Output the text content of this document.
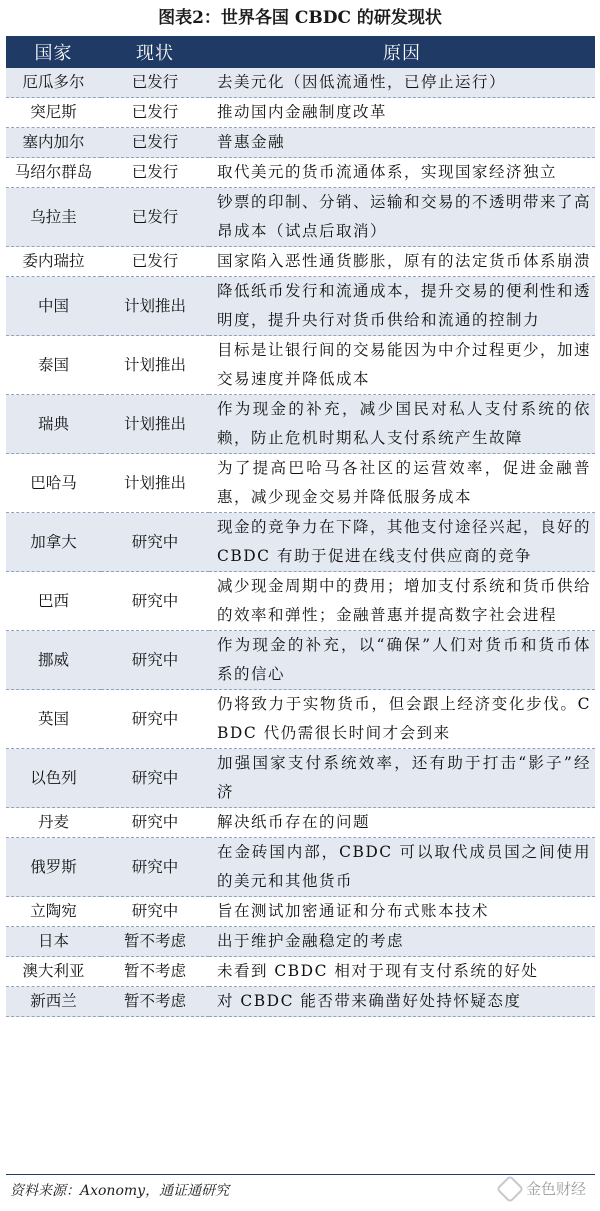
图表2：世界各国 CBDC 的研发现状
国家	现状	原因
厄瓜多尔	已发行	去美元化（因低流通性，已停止运行）
突尼斯	已发行	推动国内金融制度改革
塞内加尔	已发行	普惠金融
马绍尔群岛	已发行	取代美元的货币流通体系，实现国家经济独立
乌拉圭	已发行	钞票的印制、分销、运输和交易的不透明带来了高昂成本（试点后取消）
委内瑞拉	已发行	国家陷入恶性通货膨胀，原有的法定货币体系崩溃
中国	计划推出	降低纸币发行和流通成本，提升交易的便利性和透明度，提升央行对货币供给和流通的控制力
泰国	计划推出	目标是让银行间的交易能因为中介过程更少，加速交易速度并降低成本
瑞典	计划推出	作为现金的补充，减少国民对私人支付系统的依赖，防止危机时期私人支付系统产生故障
巴哈马	计划推出	为了提高巴哈马各社区的运营效率，促进金融普惠，减少现金交易并降低服务成本
加拿大	研究中	现金的竞争力在下降，其他支付途径兴起，良好的 CBDC 有助于促进在线支付供应商的竞争
巴西	研究中	减少现金周期中的费用；增加支付系统和货币供给的效率和弹性；金融普惠并提高数字社会进程
挪威	研究中	作为现金的补充，以“确保”人们对货币和货币体系的信心
英国	研究中	仍将致力于实物货币，但会跟上经济变化步伐。CBDC 代仍需很长时间才会到来
以色列	研究中	加强国家支付系统效率，还有助于打击“影子”经济
丹麦	研究中	解决纸币存在的问题
俄罗斯	研究中	在金砖国内部，CBDC 可以取代成员国之间使用的美元和其他货币
立陶宛	研究中	旨在测试加密通证和分布式账本技术
日本	暂不考虑	出于维护金融稳定的考虑
澳大利亚	暂不考虑	未看到 CBDC 相对于现有支付系统的好处
新西兰	暂不考虑	对 CBDC 能否带来确凿好处持怀疑态度
资料来源：Axonomy，通证通研究	金色财经
